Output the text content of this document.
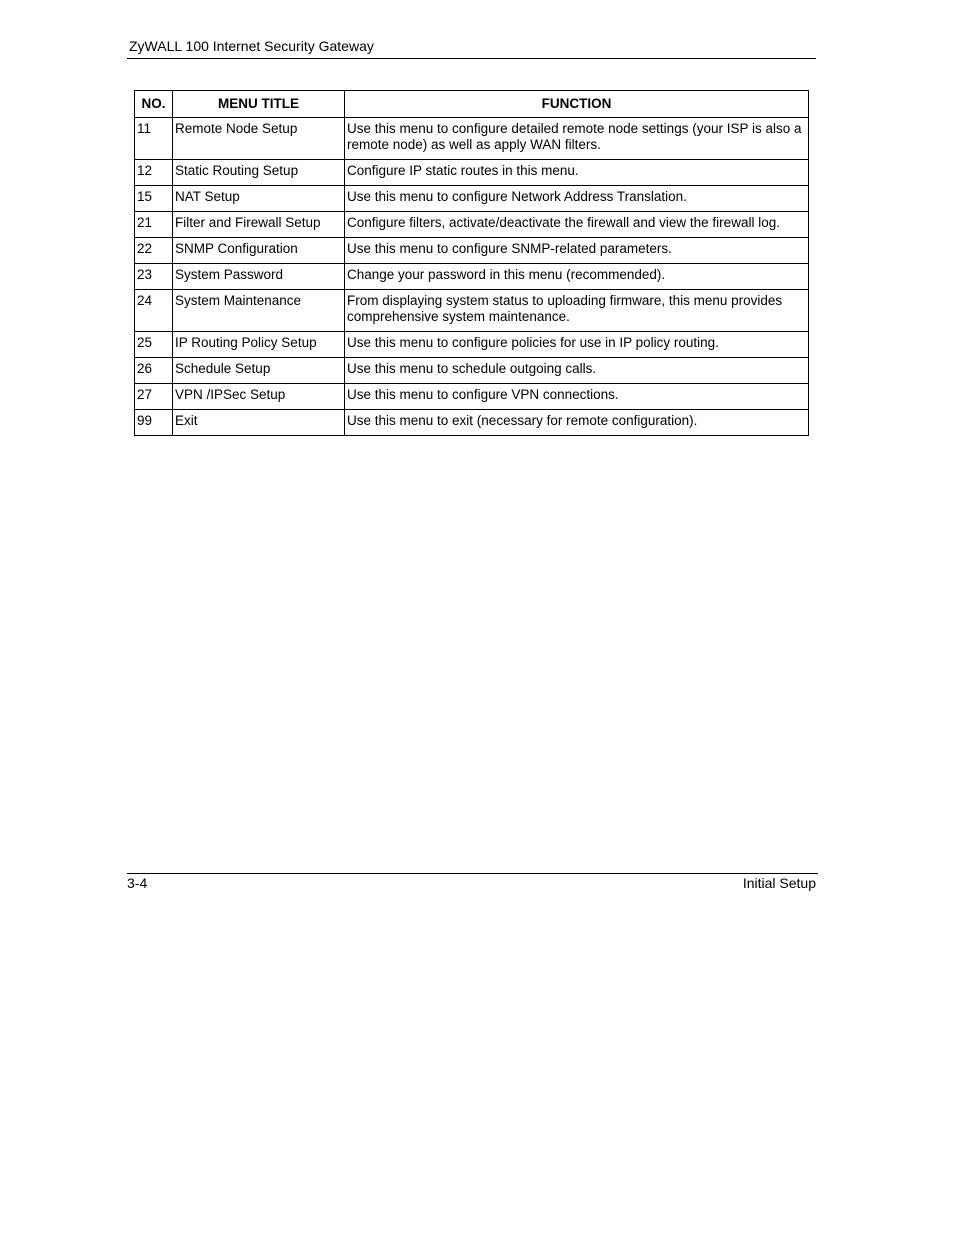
ZyWALL 100 Internet Security Gateway
NO.	MENU TITLE	FUNCTION
11	Remote Node Setup	Use this menu to configure detailed remote node settings (your ISP is also a remote node) as well as apply WAN filters.
12	Static Routing Setup	Configure IP static routes in this menu.
15	NAT Setup	Use this menu to configure Network Address Translation.
21	Filter and Firewall Setup	Configure filters, activate/deactivate the firewall and view the firewall log.
22	SNMP Configuration	Use this menu to configure SNMP-related parameters.
23	System Password	Change your password in this menu (recommended).
24	System Maintenance	From displaying system status to uploading firmware, this menu provides comprehensive system maintenance.
25	IP Routing Policy Setup	Use this menu to configure policies for use in IP policy routing.
26	Schedule Setup	Use this menu to schedule outgoing calls.
27	VPN /IPSec Setup	Use this menu to configure VPN connections.
99	Exit	Use this menu to exit (necessary for remote configuration).
3-4	Initial Setup
